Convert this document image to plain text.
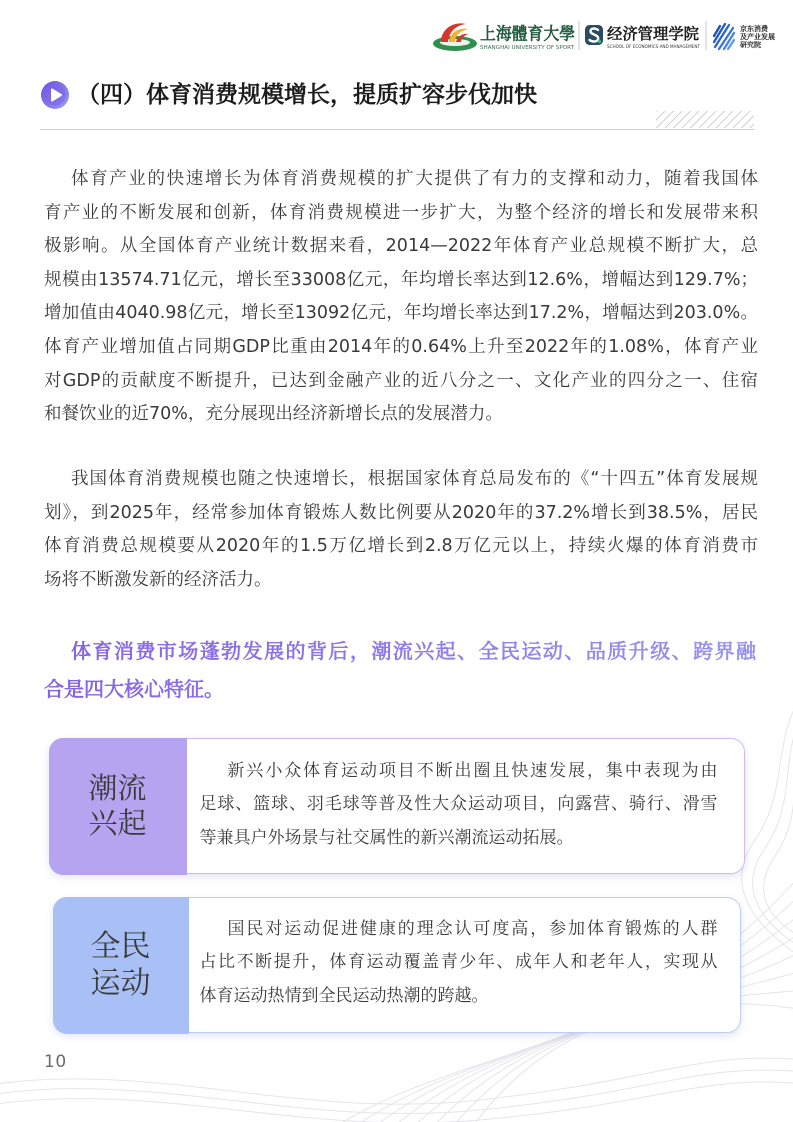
上海體育大學
SHANGHAI UNIVERSITY OF SPORT
经济管理学院
SCHOOL OF ECONOMICS AND MANAGEMENT
京东消费
及产业发展
研究院
（四）体育消费规模增长，提质扩容步伐加快
体育产业的快速增长为体育消费规模的扩大提供了有力的支撑和动力，随着我国体
育产业的不断发展和创新，体育消费规模进一步扩大，为整个经济的增长和发展带来积
极影响。从全国体育产业统计数据来看，2014—2022年体育产业总规模不断扩大，总
规模由13574.71亿元，增长至33008亿元，年均增长率达到12.6%，增幅达到129.7%；
增加值由4040.98亿元，增长至13092亿元，年均增长率达到17.2%，增幅达到203.0%。
体育产业增加值占同期GDP比重由2014年的0.64%上升至2022年的1.08%，体育产业
对GDP的贡献度不断提升，已达到金融产业的近八分之一、文化产业的四分之一、住宿
和餐饮业的近70%，充分展现出经济新增长点的发展潜力。
我国体育消费规模也随之快速增长，根据国家体育总局发布的《“十四五”体育发展规
划》，到2025年，经常参加体育锻炼人数比例要从2020年的37.2%增长到38.5%，居民
体育消费总规模要从2020年的1.5万亿增长到2.8万亿元以上，持续火爆的体育消费市
场将不断激发新的经济活力。
体育消费市场蓬勃发展的背后，潮流兴起、全民运动、品质升级、跨界融
合是四大核心特征。
潮流
兴起
新兴小众体育运动项目不断出圈且快速发展，集中表现为由
足球、篮球、羽毛球等普及性大众运动项目，向露营、骑行、滑雪
等兼具户外场景与社交属性的新兴潮流运动拓展。
全民
运动
国民对运动促进健康的理念认可度高，参加体育锻炼的人群
占比不断提升，体育运动覆盖青少年、成年人和老年人，实现从
体育运动热情到全民运动热潮的跨越。
10
